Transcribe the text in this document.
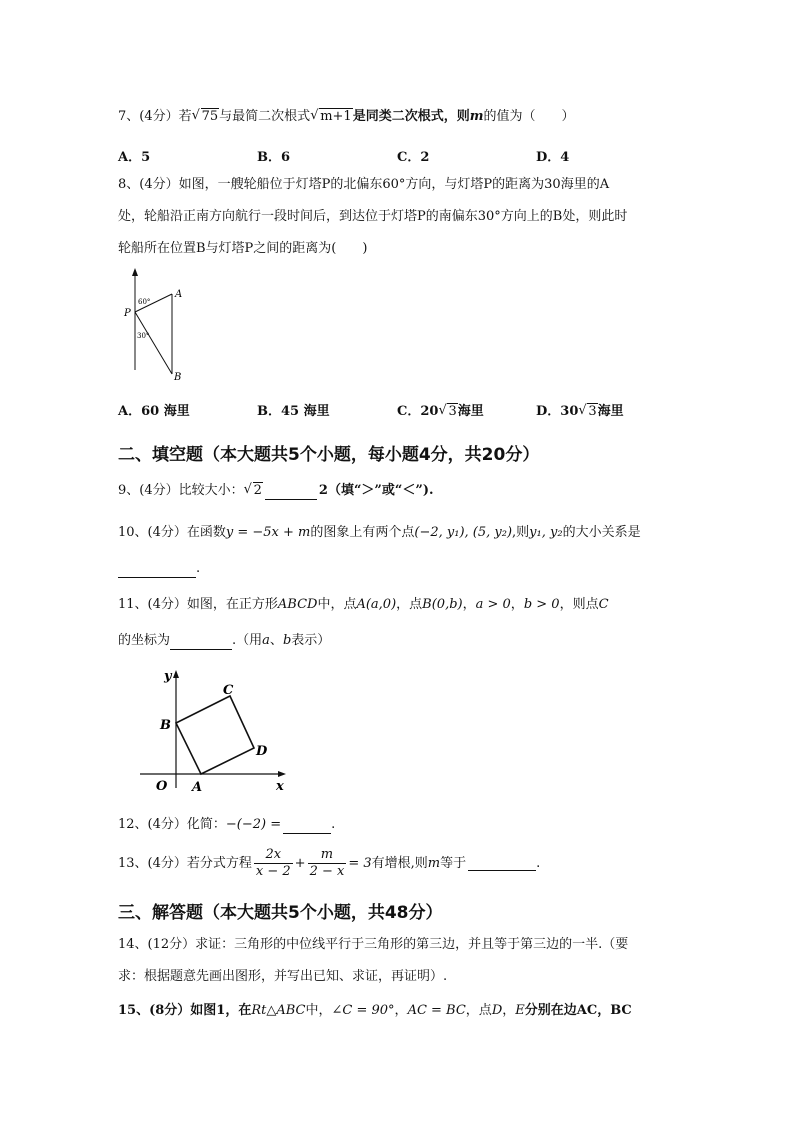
7、(4分）若 √ 75与最简二次根式 √ m+1是同类二次根式，则m的值为（　　）
A．5	B．6	C．2	D．4
8、(4分）如图，一艘轮船位于灯塔P的北偏东60°方向，与灯塔P的距离为30海里的A
处，轮船沿正南方向航行一段时间后，到达位于灯塔P的南偏东30°方向上的B处，则此时
轮船所在位置B与灯塔P之间的距离为(　　)
P
A
B
60°
30°
A．60 海里	B．45 海里	C．20 √ 3海里	D．30 √ 3海里
二、填空题（本大题共5个小题，每小题4分，共20分）
9、(4分）比较大小： √ 2	2（填“＞”或“＜”).
10、(4分）在函数y = −5x + m的图象上有两个点(−2, y₁), (5, y₂),则y₁, y₂的大小关系是
.
11、(4分）如图，在正方形ABCD中，点A(a,0)，点B(0,b)，a > 0，b > 0，则点C
的坐标为	.（用a、b表示）
y
x
O A
B
C
D
12、(4分）化简：−(−2) =	.
13、(4分）若分式方程 $\frac{2x}{x - 2} + \frac{m}{2 - x} = 3$有增根,则m等于	.
三、解答题（本大题共5个小题，共48分）
14、(12分）求证：三角形的中位线平行于三角形的第三边，并且等于第三边的一半.（要
求：根据题意先画出图形，并写出已知、求证，再证明）.
15、(8分）如图1，在Rt△ABC中，∠C = 90°，AC = BC，点D，E分别在边AC，BC
